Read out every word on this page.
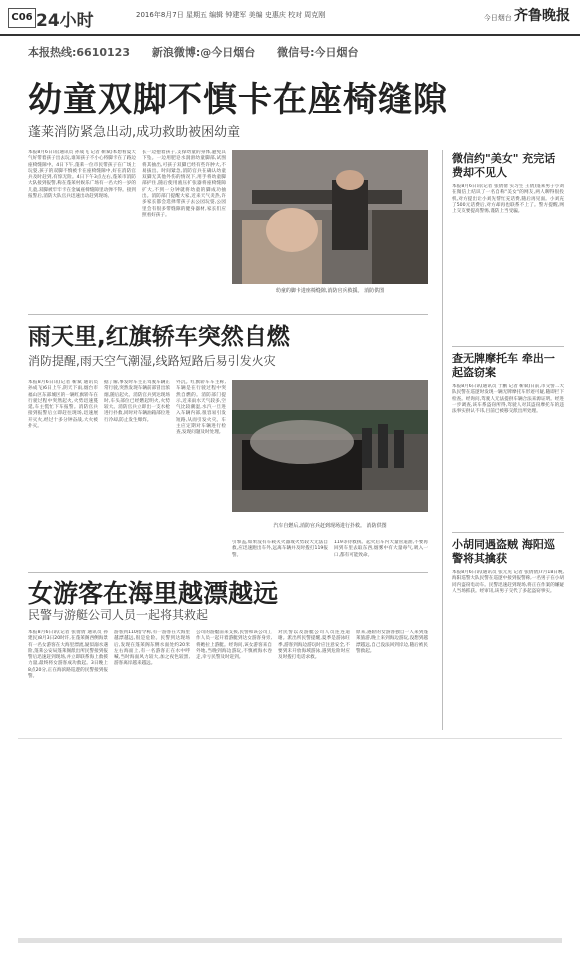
C06 24小时	2016年8月7日 星期五 编辑 钟建军 美编 史惠庆 校对 周克刚	今日烟台 齐鲁晚报
本报热线:6610123 新浪微博:@今日烟台 微信号:今日烟台
幼童双脚不慎卡在座椅缝隙
蓬莱消防紧急出动,成功救助被困幼童
本报8月6日讯(通讯员 孙成飞 记者 靳斌)本想看夏天气好带着孩子出去玩,谁知孩子不小心将脚卡在了路边座椅缝隙中。4日下午,蓬莱一位市民带孩子在广场上玩耍,孩子的双脚不慎被卡在座椅缝隙中,好在消防官兵及时赶到,有惊无险。4日下午3点左右,蓬莱市消防大队接到报警,称在蓬莱村娱乐广场有一名大约一岁的儿童,双脚被牢牢卡在金属座椅缝隙里动弹不得。接到报警后,消防大队官兵迅速出动赶到现场。
长一边抱着孩子,支撑幼童的身体,避免其下坠。一边用肥皂水润滑幼童脚部,试图将其抽出,可孩子双脚已经有些许肿大,不易拔出。时间紧急,消防官兵在确认幼童双脚无其他外伤的情况下,用手将幼童脚部护住,随后使用液压扩张器将座椅缝隙扩大,不到一分钟就将幼童的脚成功抽出。消防部门提醒大家,近来天气炎热,许多家长都会选择带孩子去公园玩耍,公园里会有很多带缝隙的健身器材,家长们应照看好孩子。
幼童的脚卡进座椅缝隙,消防官兵救援。 消防供图
雨天里,红旗轿车突然自燃
消防提醒,雨天空气潮湿,线路短路后易引发火灾
本报8月6日讯(记者 靳斌 通讯员 孙成飞)6日上午,阴天下雨,烟台市福山区东部城区的一辆红旗轿车在行驶过程中突然起火,火势迅速蔓延,车主慌忙下车报警。消防官兵接到报警后立即赶往现场,迅速展开灭火,经过十多分钟奋战,大火被扑灭。
据了解,事发时车主正驾驶车辆正常行驶,突然发现车辆前部冒出浓烟,随后起火。消防官兵到达现场时,车头部位已经燃起明火,火势较大。消防官兵立即出一支水枪进行扑救,同时对车辆油箱部位进行冷却,防止发生爆炸。
外沉。红旗轿车车主称,车辆是在行驶过程中突然自燃的。消防部门提示,近来雨水天气较多,空气比较潮湿,水汽一旦进入车辆内部,很容易引发短路,从而引发火灾。车主应定期对车辆进行检查,发现问题及时处理。
汽车自燃后,消防官兵赶到现场进行扑救。 消防供图
引擎盖,如果没有车载灭火器或火势较大无法自救,应迅速跑出车外,远离车辆并及时拨打119报警。
119等待救援。起火后车内大量管道油,不要再回到车里去取东西,烟雾中有大量毒气,吸入一口,都有可能致命。
女游客在海里越漂越远
民警与游艇公司人员一起将其救起
本报8月6日讯(记者 张倩倩 通讯员 孙建民)8月3日20时许,在蓬莱阁西侧海景有一名女游客在大海里漂流,疑似溺水遇险,蓬莱公安局蓬莱阁派出所民警接到报警后迅速赶到现场,并立即联系海上救援力量,最终将女游客成功救起。3日晚上8点20分,正在海滨路巡逻的民警接到报警。
游客到110指令称,有一游客在大海里越漂越远,很是危险。民警到达现场后,发现在蓬莱阁东侧水面处约20米左右海面上,有一名游客正在水中呼喊,当时海面风力较大,加之夜色较黑,游客离岸越来越远。
公司的游艇前来支援,民警和该公司工作人员一起开着游艇到达女游客身旁,将她拉上游艇。经询问,该女游客来自外地,当晚到海边游玩,不慎被海水卷走,幸亏民警及时赶到。
对民警以及游艇公司人员连连道谢。派出所民警提醒,夏季是游泳旺季,游客到海边游玩时应注意安全,不要到未开放海域游泳,遇到危险时应及时拨打电话求救。
原来,遇险的女游客独自一人来到蓬莱旅游,晚上来到海边游玩,没想到越漂越远,自己没法回到岸边,随后被民警救起。
微信约"美女" 充完话费却不见人
本报8月6日讯(记者 张倩倩 实习生 王倩)蓬莱男子小刘在微信上结识了一名自称"美女"的网友,两人聊得很投机,对方提出让小刘先帮忙充话费,随后再见面。小刘充了500元话费后,对方却再也联系不上了。警方提醒,网上交友要提高警惕,谨防上当受骗。
查无牌摩托车 牵出一起盗窃案
本报8月6日讯(通讯员 于鹏 记者 靳斌)日前,市交警二大队民警在巡逻时发现一辆无牌摩托车形迹可疑,随即拦下检查。经询问,驾驶人无法提供车辆合法来源证明。经进一步调查,该车系盗窃所得,驾驶人对其盗窃摩托车的违法事实供认不讳,目前已被移交派出所处理。
小胡同遇盗贼 海阳巡警将其擒获
本报8月6日讯(通讯员 张元见 记者 张倩倩)7月18日晚,海阳巡警大队民警在巡逻中接到报警称,一名男子在小胡同内盗窃电动车。民警迅速赶到现场,将正在作案的嫌疑人当场抓获。经审讯,该男子交代了多起盗窃事实。
